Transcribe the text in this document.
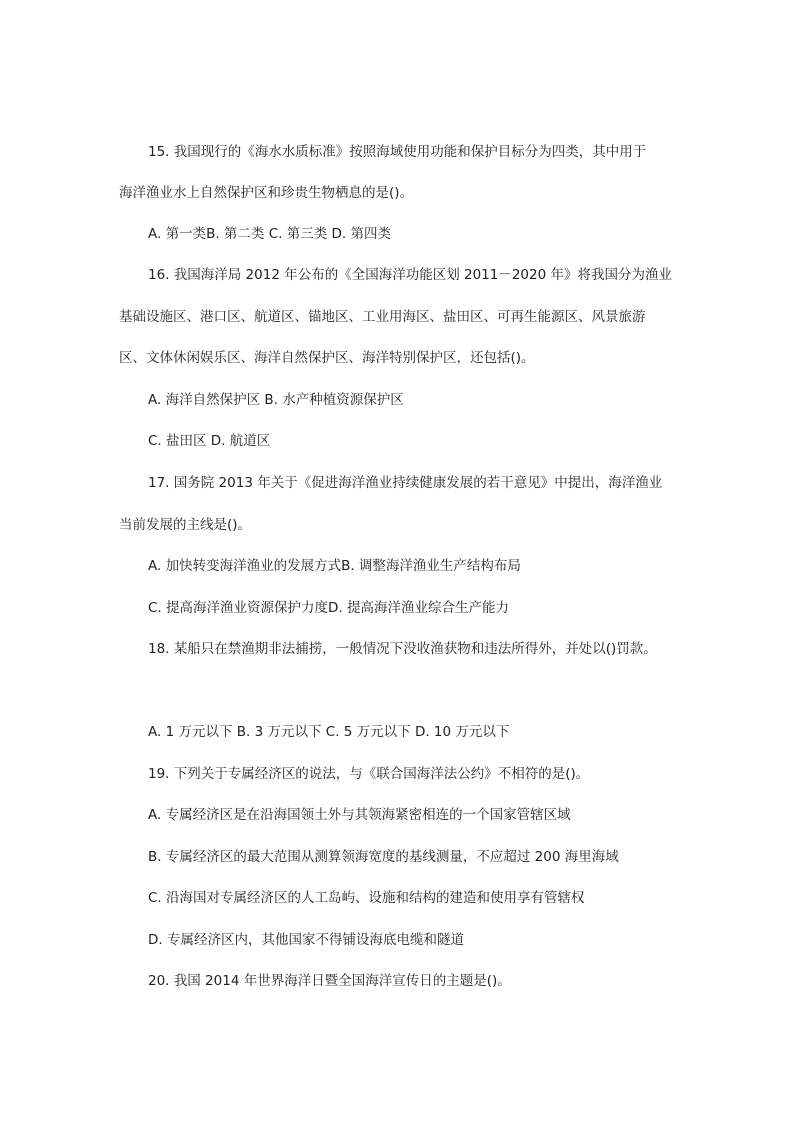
15. 我国现行的《海水水质标准》按照海域使用功能和保护目标分为四类，其中用于
海洋渔业水上自然保护区和珍贵生物栖息的是()。
A. 第一类B. 第二类 C. 第三类 D. 第四类
16. 我国海洋局 2012 年公布的《全国海洋功能区划 2011－2020 年》将我国分为渔业
基础设施区、港口区、航道区、锚地区、工业用海区、盐田区、可再生能源区、风景旅游
区、文体休闲娱乐区、海洋自然保护区、海洋特别保护区，还包括()。
A. 海洋自然保护区 B. 水产种植资源保护区
C. 盐田区 D. 航道区
17. 国务院 2013 年关于《促进海洋渔业持续健康发展的若干意见》中提出，海洋渔业
当前发展的主线是()。
A. 加快转变海洋渔业的发展方式B. 调整海洋渔业生产结构布局
C. 提高海洋渔业资源保护力度D. 提高海洋渔业综合生产能力
18. 某船只在禁渔期非法捕捞，一般情况下没收渔获物和违法所得外，并处以()罚款。
A. 1 万元以下 B. 3 万元以下 C. 5 万元以下 D. 10 万元以下
19. 下列关于专属经济区的说法，与《联合国海洋法公约》不相符的是()。
A. 专属经济区是在沿海国领土外与其领海紧密相连的一个国家管辖区域
B. 专属经济区的最大范围从测算领海宽度的基线测量，不应超过 200 海里海域
C. 沿海国对专属经济区的人工岛屿、设施和结构的建造和使用享有管辖权
D. 专属经济区内，其他国家不得铺设海底电缆和隧道
20. 我国 2014 年世界海洋日暨全国海洋宣传日的主题是()。
